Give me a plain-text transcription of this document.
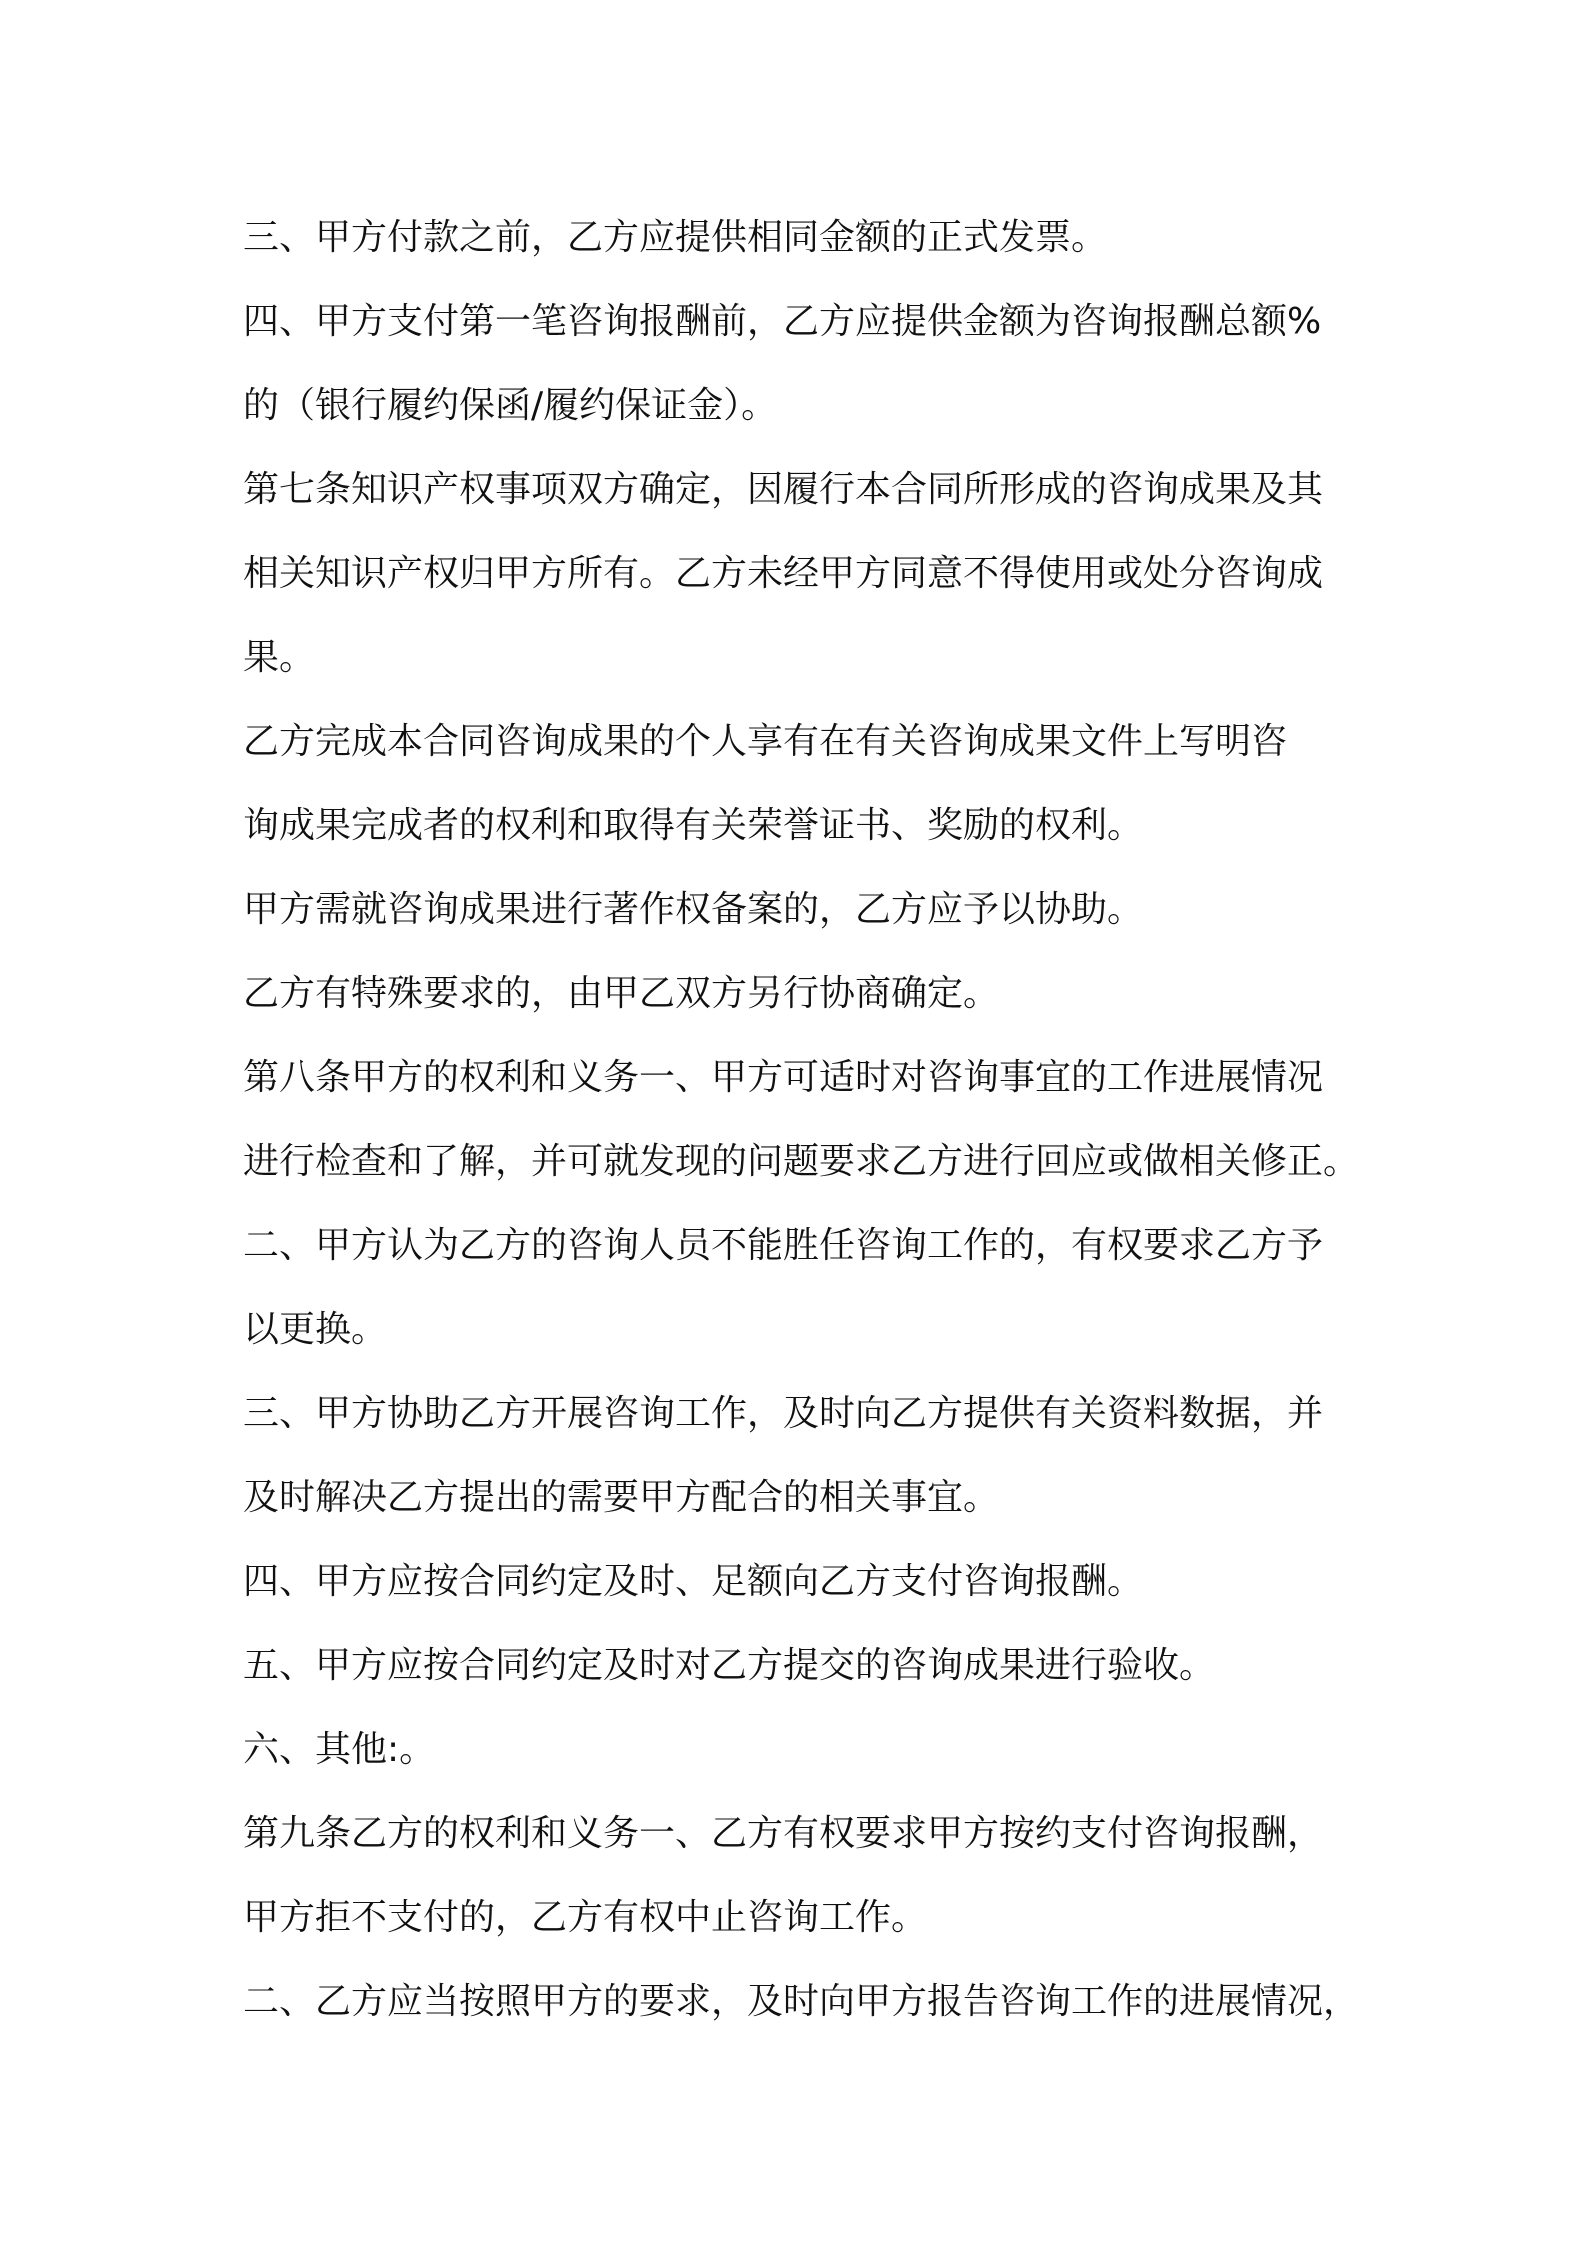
三、甲方付款之前，乙方应提供相同金额的正式发票。
四、甲方支付第一笔咨询报酬前，乙方应提供金额为咨询报酬总额%
的（银行履约保函/履约保证金）。
第七条知识产权事项双方确定，因履行本合同所形成的咨询成果及其
相关知识产权归甲方所有。乙方未经甲方同意不得使用或处分咨询成
果。
乙方完成本合同咨询成果的个人享有在有关咨询成果文件上写明咨
询成果完成者的权利和取得有关荣誉证书、奖励的权利。
甲方需就咨询成果进行著作权备案的，乙方应予以协助。
乙方有特殊要求的，由甲乙双方另行协商确定。
第八条甲方的权利和义务一、甲方可适时对咨询事宜的工作进展情况
进行检查和了解，并可就发现的问题要求乙方进行回应或做相关修正。
二、甲方认为乙方的咨询人员不能胜任咨询工作的，有权要求乙方予
以更换。
三、甲方协助乙方开展咨询工作，及时向乙方提供有关资料数据，并
及时解决乙方提出的需要甲方配合的相关事宜。
四、甲方应按合同约定及时、足额向乙方支付咨询报酬。
五、甲方应按合同约定及时对乙方提交的咨询成果进行验收。
六、其他:。
第九条乙方的权利和义务一、乙方有权要求甲方按约支付咨询报酬，
甲方拒不支付的，乙方有权中止咨询工作。
二、乙方应当按照甲方的要求，及时向甲方报告咨询工作的进展情况，
